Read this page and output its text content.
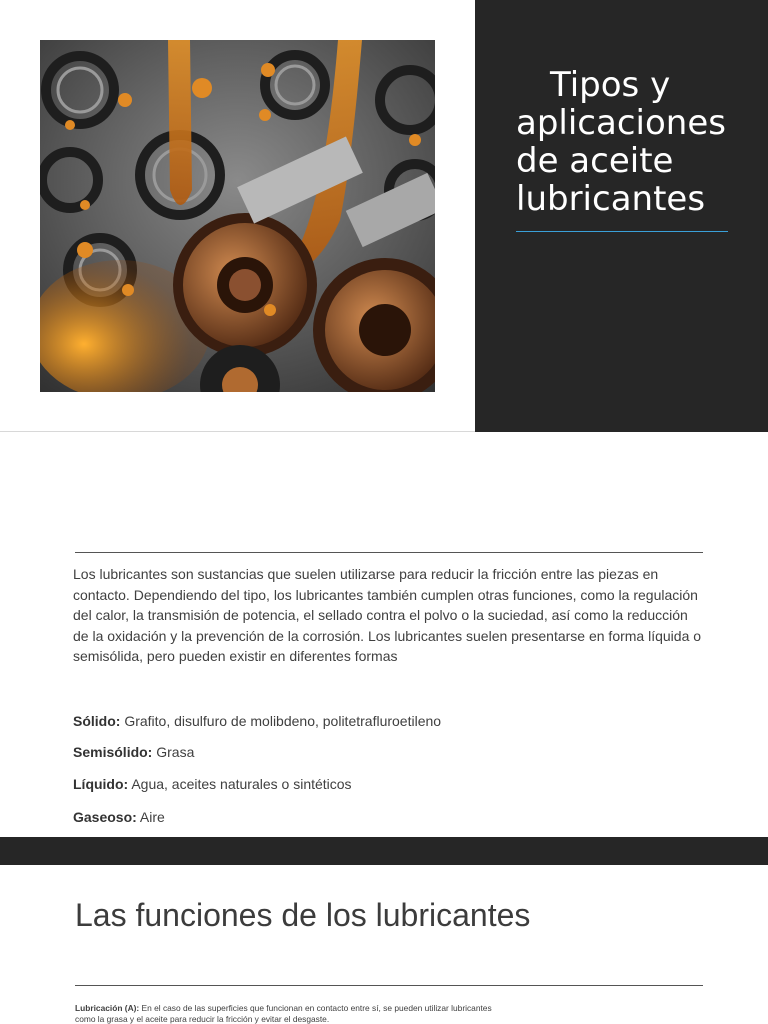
Tipos y
aplicaciones
de aceite
lubricantes

Los lubricantes son sustancias que suelen utilizarse para reducir la fricción entre las piezas en contacto. Dependiendo del tipo, los lubricantes también cumplen otras funciones, como la regulación del calor, la transmisión de potencia, el sellado contra el polvo o la suciedad, así como la reducción de la oxidación y la prevención de la corrosión. Los lubricantes suelen presentarse en forma líquida o semisólida, pero pueden existir en diferentes formas

Sólido: Grafito, disulfuro de molibdeno, politetrafluroetileno
Semisólido: Grasa
Líquido: Agua, aceites naturales o sintéticos
Gaseoso: Aire
Las funciones de los lubricantes

Lubricación (A): En el caso de las superficies que funcionan en contacto entre sí, se pueden utilizar lubricantes como la grasa y el aceite para reducir la fricción y evitar el desgaste.
